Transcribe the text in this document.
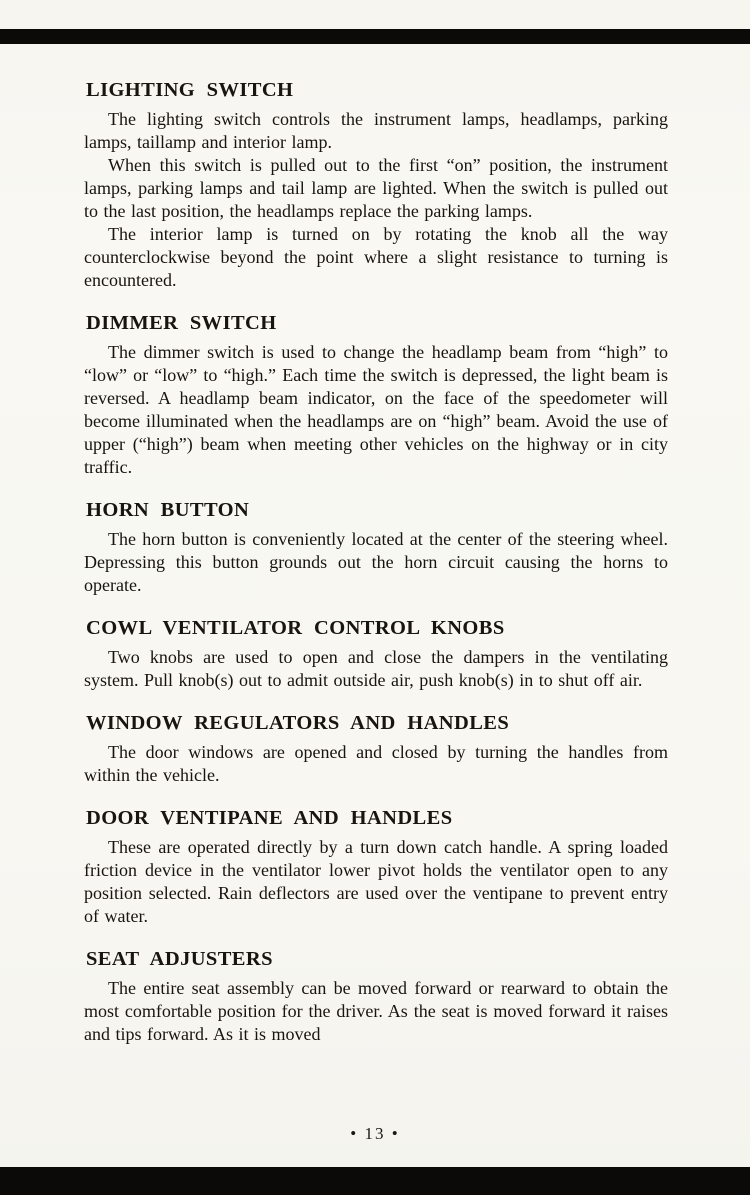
LIGHTING SWITCH

The lighting switch controls the instrument lamps, headlamps, parking lamps, taillamp and interior lamp.

When this switch is pulled out to the first “on” position, the instrument lamps, parking lamps and tail lamp are lighted. When the switch is pulled out to the last position, the headlamps replace the parking lamps.

The interior lamp is turned on by rotating the knob all the way counterclockwise beyond the point where a slight resistance to turning is encountered.

DIMMER SWITCH

The dimmer switch is used to change the headlamp beam from “high” to “low” or “low” to “high.” Each time the switch is depressed, the light beam is reversed. A headlamp beam indicator, on the face of the speedometer will become illuminated when the headlamps are on “high” beam. Avoid the use of upper (“high”) beam when meeting other vehicles on the highway or in city traffic.

HORN BUTTON

The horn button is conveniently located at the center of the steering wheel. Depressing this button grounds out the horn circuit causing the horns to operate.

COWL VENTILATOR CONTROL KNOBS

Two knobs are used to open and close the dampers in the ventilating system. Pull knob(s) out to admit outside air, push knob(s) in to shut off air.

WINDOW REGULATORS AND HANDLES

The door windows are opened and closed by turning the handles from within the vehicle.

DOOR VENTIPANE AND HANDLES

These are operated directly by a turn down catch handle. A spring loaded friction device in the ventilator lower pivot holds the ventilator open to any position selected. Rain deflectors are used over the ventipane to prevent entry of water.

SEAT ADJUSTERS

The entire seat assembly can be moved forward or rearward to obtain the most comfortable position for the driver. As the seat is moved forward it raises and tips forward. As it is moved

• 13 •
